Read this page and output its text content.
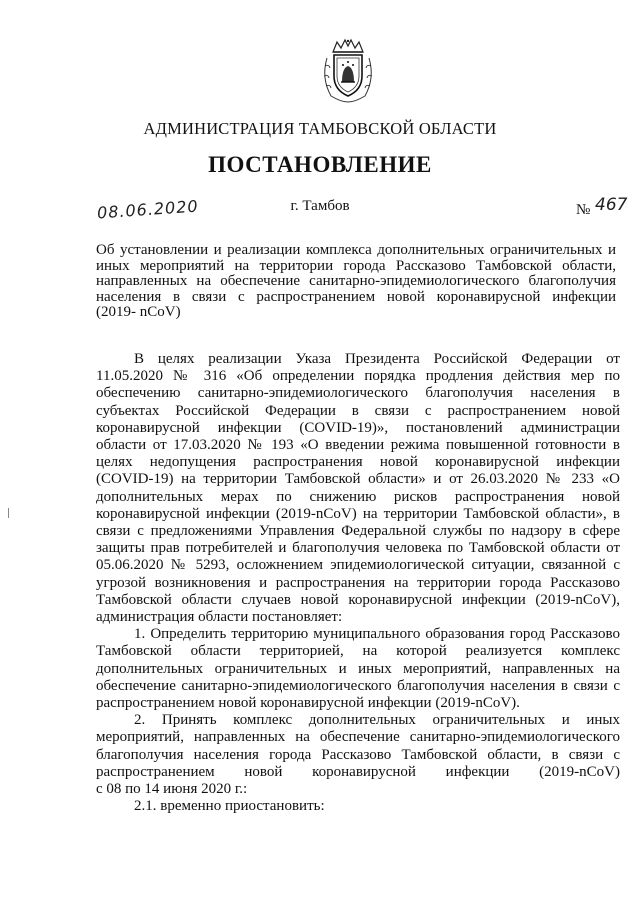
АДМИНИСТРАЦИЯ ТАМБОВСКОЙ ОБЛАСТИ
ПОСТАНОВЛЕНИЕ
08.06.2020	г. Тамбов	№ 467
Об установлении и реализации комплекса дополнительных ограничительных и
иных мероприятий на территории города Рассказово Тамбовской области,
направленных на обеспечение санитарно-эпидемиологического благополучия
населения в связи с распространением новой коронавирусной инфекции
(2019- nCoV)
В целях реализации Указа Президента Российской Федерации от
11.05.2020 № 316 «Об определении порядка продления действия мер по
обеспечению санитарно-эпидемиологического благополучия населения в
субъектах Российской Федерации в связи с распространением новой
коронавирусной инфекции (COVID-19)», постановлений администрации
области от 17.03.2020 № 193 «О введении режима повышенной готовности в
целях недопущения распространения новой коронавирусной инфекции
(COVID-19) на территории Тамбовской области» и от 26.03.2020 № 233 «О
дополнительных мерах по снижению рисков распространения новой
коронавирусной инфекции (2019-nCoV) на территории Тамбовской области», в
связи с предложениями Управления Федеральной службы по надзору в сфере
защиты прав потребителей и благополучия человека по Тамбовской области от
05.06.2020 № 5293, осложнением эпидемиологической ситуации, связанной с
угрозой возникновения и распространения на территории города Рассказово
Тамбовской области случаев новой коронавирусной инфекции (2019-nCoV),
администрация области постановляет:
1. Определить территорию муниципального образования город Рассказово
Тамбовской области территорией, на которой реализуется комплекс
дополнительных ограничительных и иных мероприятий, направленных на
обеспечение санитарно-эпидемиологического благополучия населения в связи с
распространением новой коронавирусной инфекции (2019-nCoV).
2. Принять комплекс дополнительных ограничительных и иных
мероприятий, направленных на обеспечение санитарно-эпидемиологического
благополучия населения города Рассказово Тамбовской области, в связи с
распространением новой коронавирусной инфекции (2019-nCoV)
с 08 по 14 июня 2020 г.:
2.1. временно приостановить:
